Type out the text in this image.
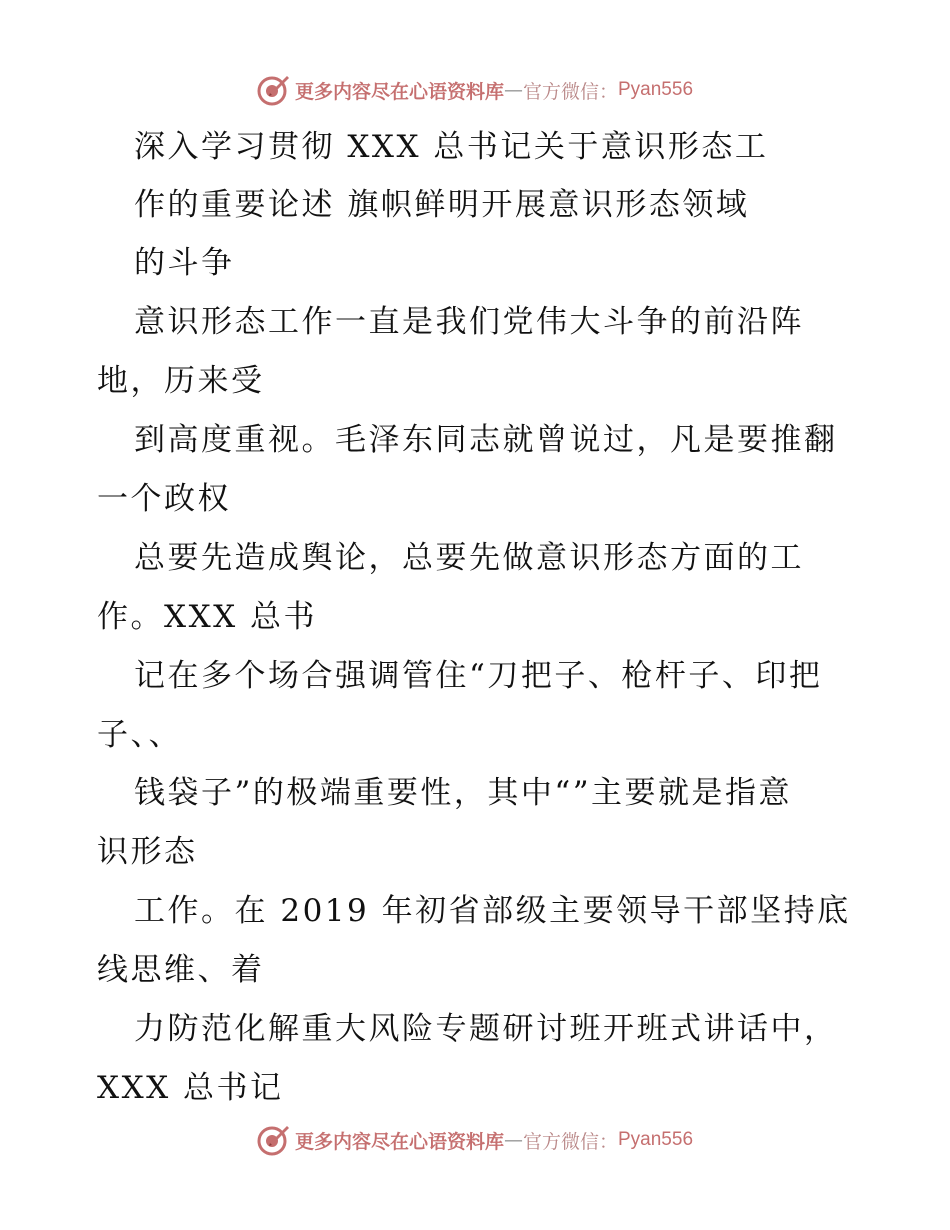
更多内容尽在心语资料库 — 官方微信： Pyan556
深入学习贯彻 XXX 总书记关于意识形态工
作的重要论述 旗帜鲜明开展意识形态领域
的斗争
意识形态工作一直是我们党伟大斗争的前沿阵
地，历来受
到高度重视。毛泽东同志就曾说过，凡是要推翻
一个政权
总要先造成舆论，总要先做意识形态方面的工
作。XXX 总书
记在多个场合强调管住“刀把子、枪杆子、印把
子、、
钱袋子”的极端重要性，其中“”主要就是指意
识形态
工作。在 2019 年初省部级主要领导干部坚持底
线思维、着
力防范化解重大风险专题研讨班开班式讲话中，
XXX 总书记
更多内容尽在心语资料库 — 官方微信： Pyan556
